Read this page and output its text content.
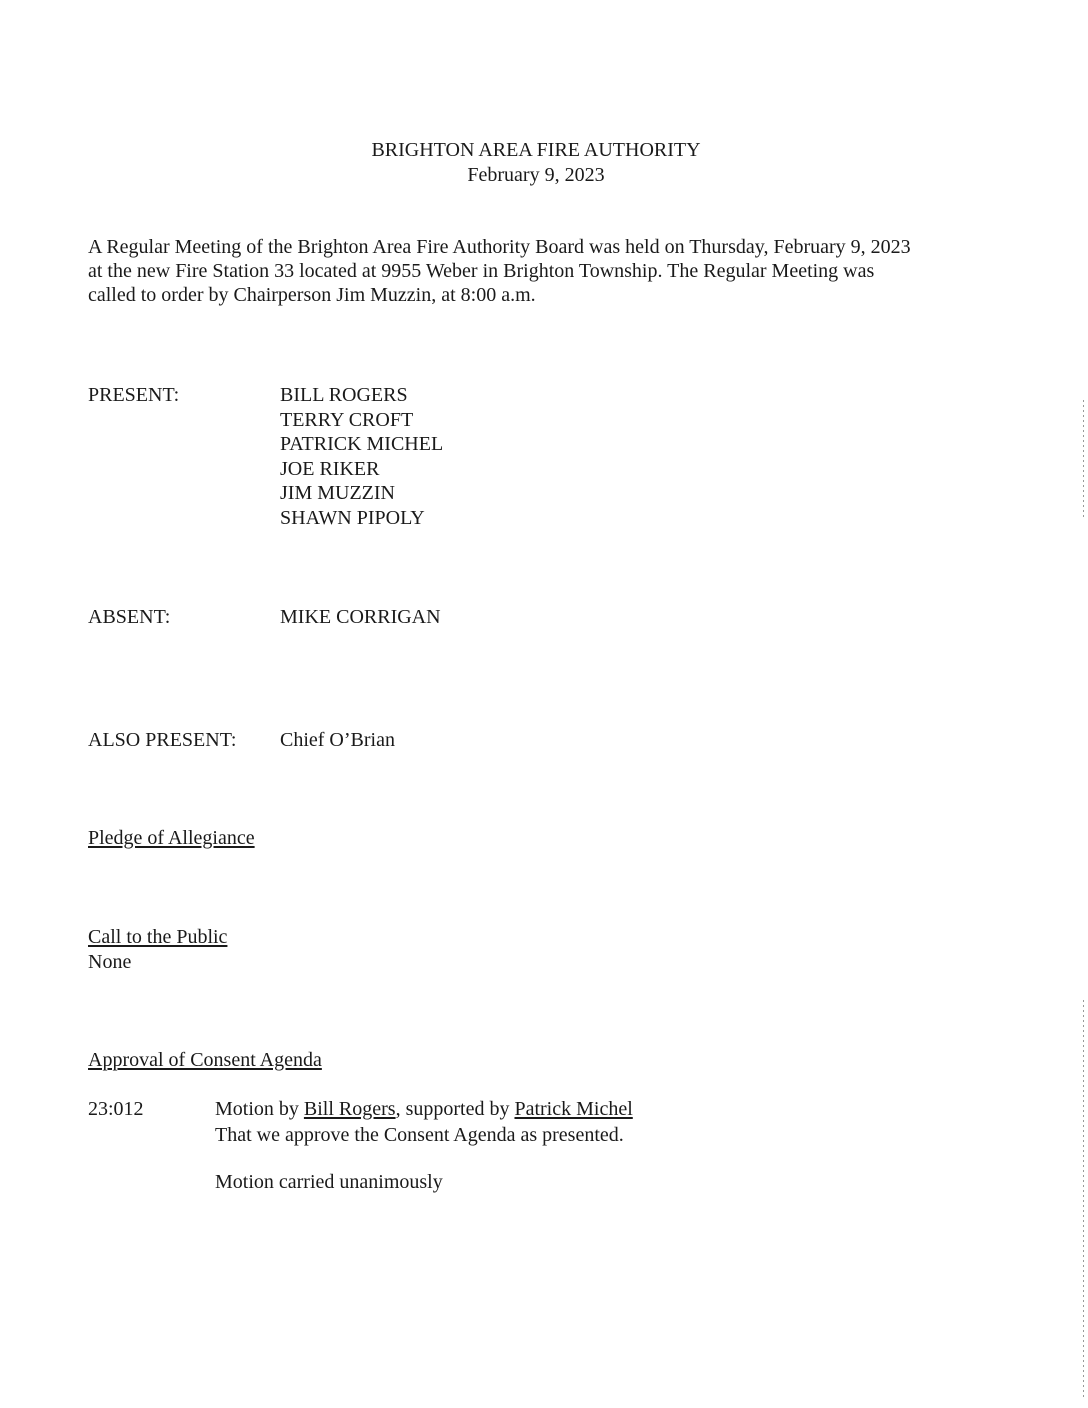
BRIGHTON AREA FIRE AUTHORITY
February 9, 2023
A Regular Meeting of the Brighton Area Fire Authority Board was held on Thursday, February 9, 2023
at the new Fire Station 33 located at 9955 Weber in Brighton Township. The Regular Meeting was
called to order by Chairperson Jim Muzzin, at 8:00 a.m.
PRESENT:	BILL ROGERS
TERRY CROFT
PATRICK MICHEL
JOE RIKER
JIM MUZZIN
SHAWN PIPOLY
ABSENT:	MIKE CORRIGAN
ALSO PRESENT: Chief O’Brian
Pledge of Allegiance
Call to the Public
None
Approval of Consent Agenda
23:012	Motion by Bill Rogers, supported by Patrick Michel
That we approve the Consent Agenda as presented.
Motion carried unanimously
